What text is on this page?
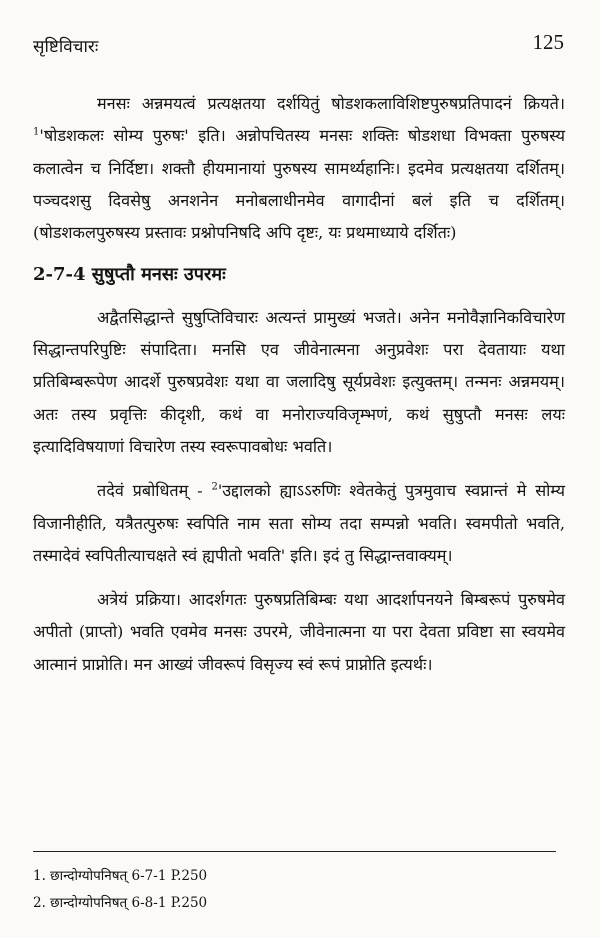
सृष्टिविचारः	125

मनसः अन्नमयत्वं प्रत्यक्षतया दर्शयितुं षोडशकलाविशिष्टपुरुषप्रतिपादनं क्रियते। $^1$'षोडशकलः सोम्य पुरुषः' इति। अन्नोपचितस्य मनसः शक्तिः षोडशधा विभक्ता पुरुषस्य कलात्वेन च निर्दिष्टा। शक्तौ हीयमानायां पुरुषस्य सामर्थ्यहानिः। इदमेव प्रत्यक्षतया दर्शितम्। पञ्चदशसु दिवसेषु अनशनेन मनोबलाधीनमेव वागादीनां बलं इति च दर्शितम्। (षोडशकलपुरुषस्य प्रस्तावः प्रश्नोपनिषदि अपि दृष्टः, यः प्रथमाध्याये दर्शितः)

2-7-4 सुषुप्तौ मनसः उपरमः

अद्वैतसिद्धान्ते सुषुप्तिविचारः अत्यन्तं प्रामुख्यं भजते। अनेन मनोवैज्ञानिकविचारेण सिद्धान्तपरिपुष्टिः संपादिता। मनसि एव जीवेनात्मना अनुप्रवेशः परा देवतायाः यथा प्रतिबिम्बरूपेण आदर्शे पुरुषप्रवेशः यथा वा जलादिषु सूर्यप्रवेशः इत्युक्तम्। तन्मनः अन्नमयम्। अतः तस्य प्रवृत्तिः कीदृशी, कथं वा मनोराज्यविजृम्भणं, कथं सुषुप्तौ मनसः लयः इत्यादिविषयाणां विचारेण तस्य स्वरूपावबोधः भवति।

तदेवं प्रबोधितम् - $^2$'उद्दालको ह्याऽऽरुणिः श्वेतकेतुं पुत्रमुवाच स्वप्नान्तं मे सोम्य विजानीहीति, यत्रैतत्पुरुषः स्वपिति नाम सता सोम्य तदा सम्पन्नो भवति। स्वमपीतो भवति, तस्मादेवं स्वपितीत्याचक्षते स्वं ह्यपीतो भवति' इति। इदं तु सिद्धान्तवाक्यम्।

अत्रेयं प्रक्रिया। आदर्शगतः पुरुषप्रतिबिम्बः यथा आदर्शापनयने बिम्बरूपं पुरुषमेव अपीतो (प्राप्तो) भवति एवमेव मनसः उपरमे, जीवेनात्मना या परा देवता प्रविष्टा सा स्वयमेव आत्मानं प्राप्नोति। मन आख्यं जीवरूपं विसृज्य स्वं रूपं प्राप्नोति इत्यर्थः।

1. छान्दोग्योपनिषत् 6-7-1 P.250
2. छान्दोग्योपनिषत् 6-8-1 P.250
